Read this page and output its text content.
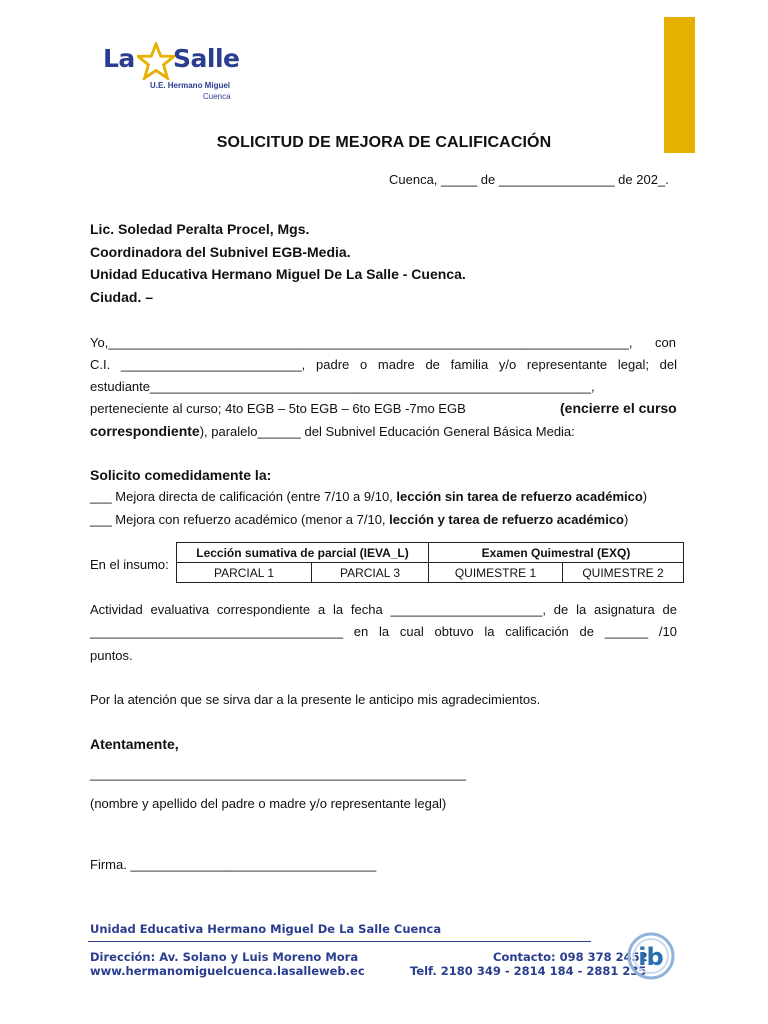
La Salle
U.E. Hermano Miguel
Cuenca
SOLICITUD DE MEJORA DE CALIFICACIÓN
Cuenca, _____ de ________________ de 202_.
Lic. Soledad Peralta Procel, Mgs.
Coordinadora del Subnivel EGB-Media.
Unidad Educativa Hermano Miguel De La Salle - Cuenca.
Ciudad. –
Yo,________________________________________________________________________, con
C.I. _________________________, padre o madre de familia y/o representante legal; del
estudiante_____________________________________________________________,
perteneciente al curso; 4to EGB – 5to EGB – 6to EGB -7mo EGB	(encierre el curso
correspondiente), paralelo______ del Subnivel Educación General Básica Media:
Solicito comedidamente la:
___ Mejora directa de calificación (entre 7/10 a 9/10, lección sin tarea de refuerzo académico)
___ Mejora con refuerzo académico (menor a 7/10, lección y tarea de refuerzo académico)
En el insumo:
Lección sumativa de parcial (IEVA_L)		Examen Quimestral (EXQ)	
PARCIAL 1	PARCIAL 3	QUIMESTRE 1	QUIMESTRE 2
Actividad evaluativa correspondiente a la fecha _____________________, de la asignatura de
___________________________________ en la cual obtuvo la calificación de ______ /10
puntos.
Por la atención que se sirva dar a la presente le anticipo mis agradecimientos.
Atentamente,
____________________________________________________
(nombre y apellido del padre o madre y/o representante legal)
Firma. __________________________________
Unidad Educativa Hermano Miguel De La Salle Cuenca
Dirección: Av. Solano y Luis Moreno Mora	Contacto: 098 378 2452
www.hermanomiguelcuenca.lasalleweb.ec	Telf. 2180 349 - 2814 184 - 2881 235
ib
